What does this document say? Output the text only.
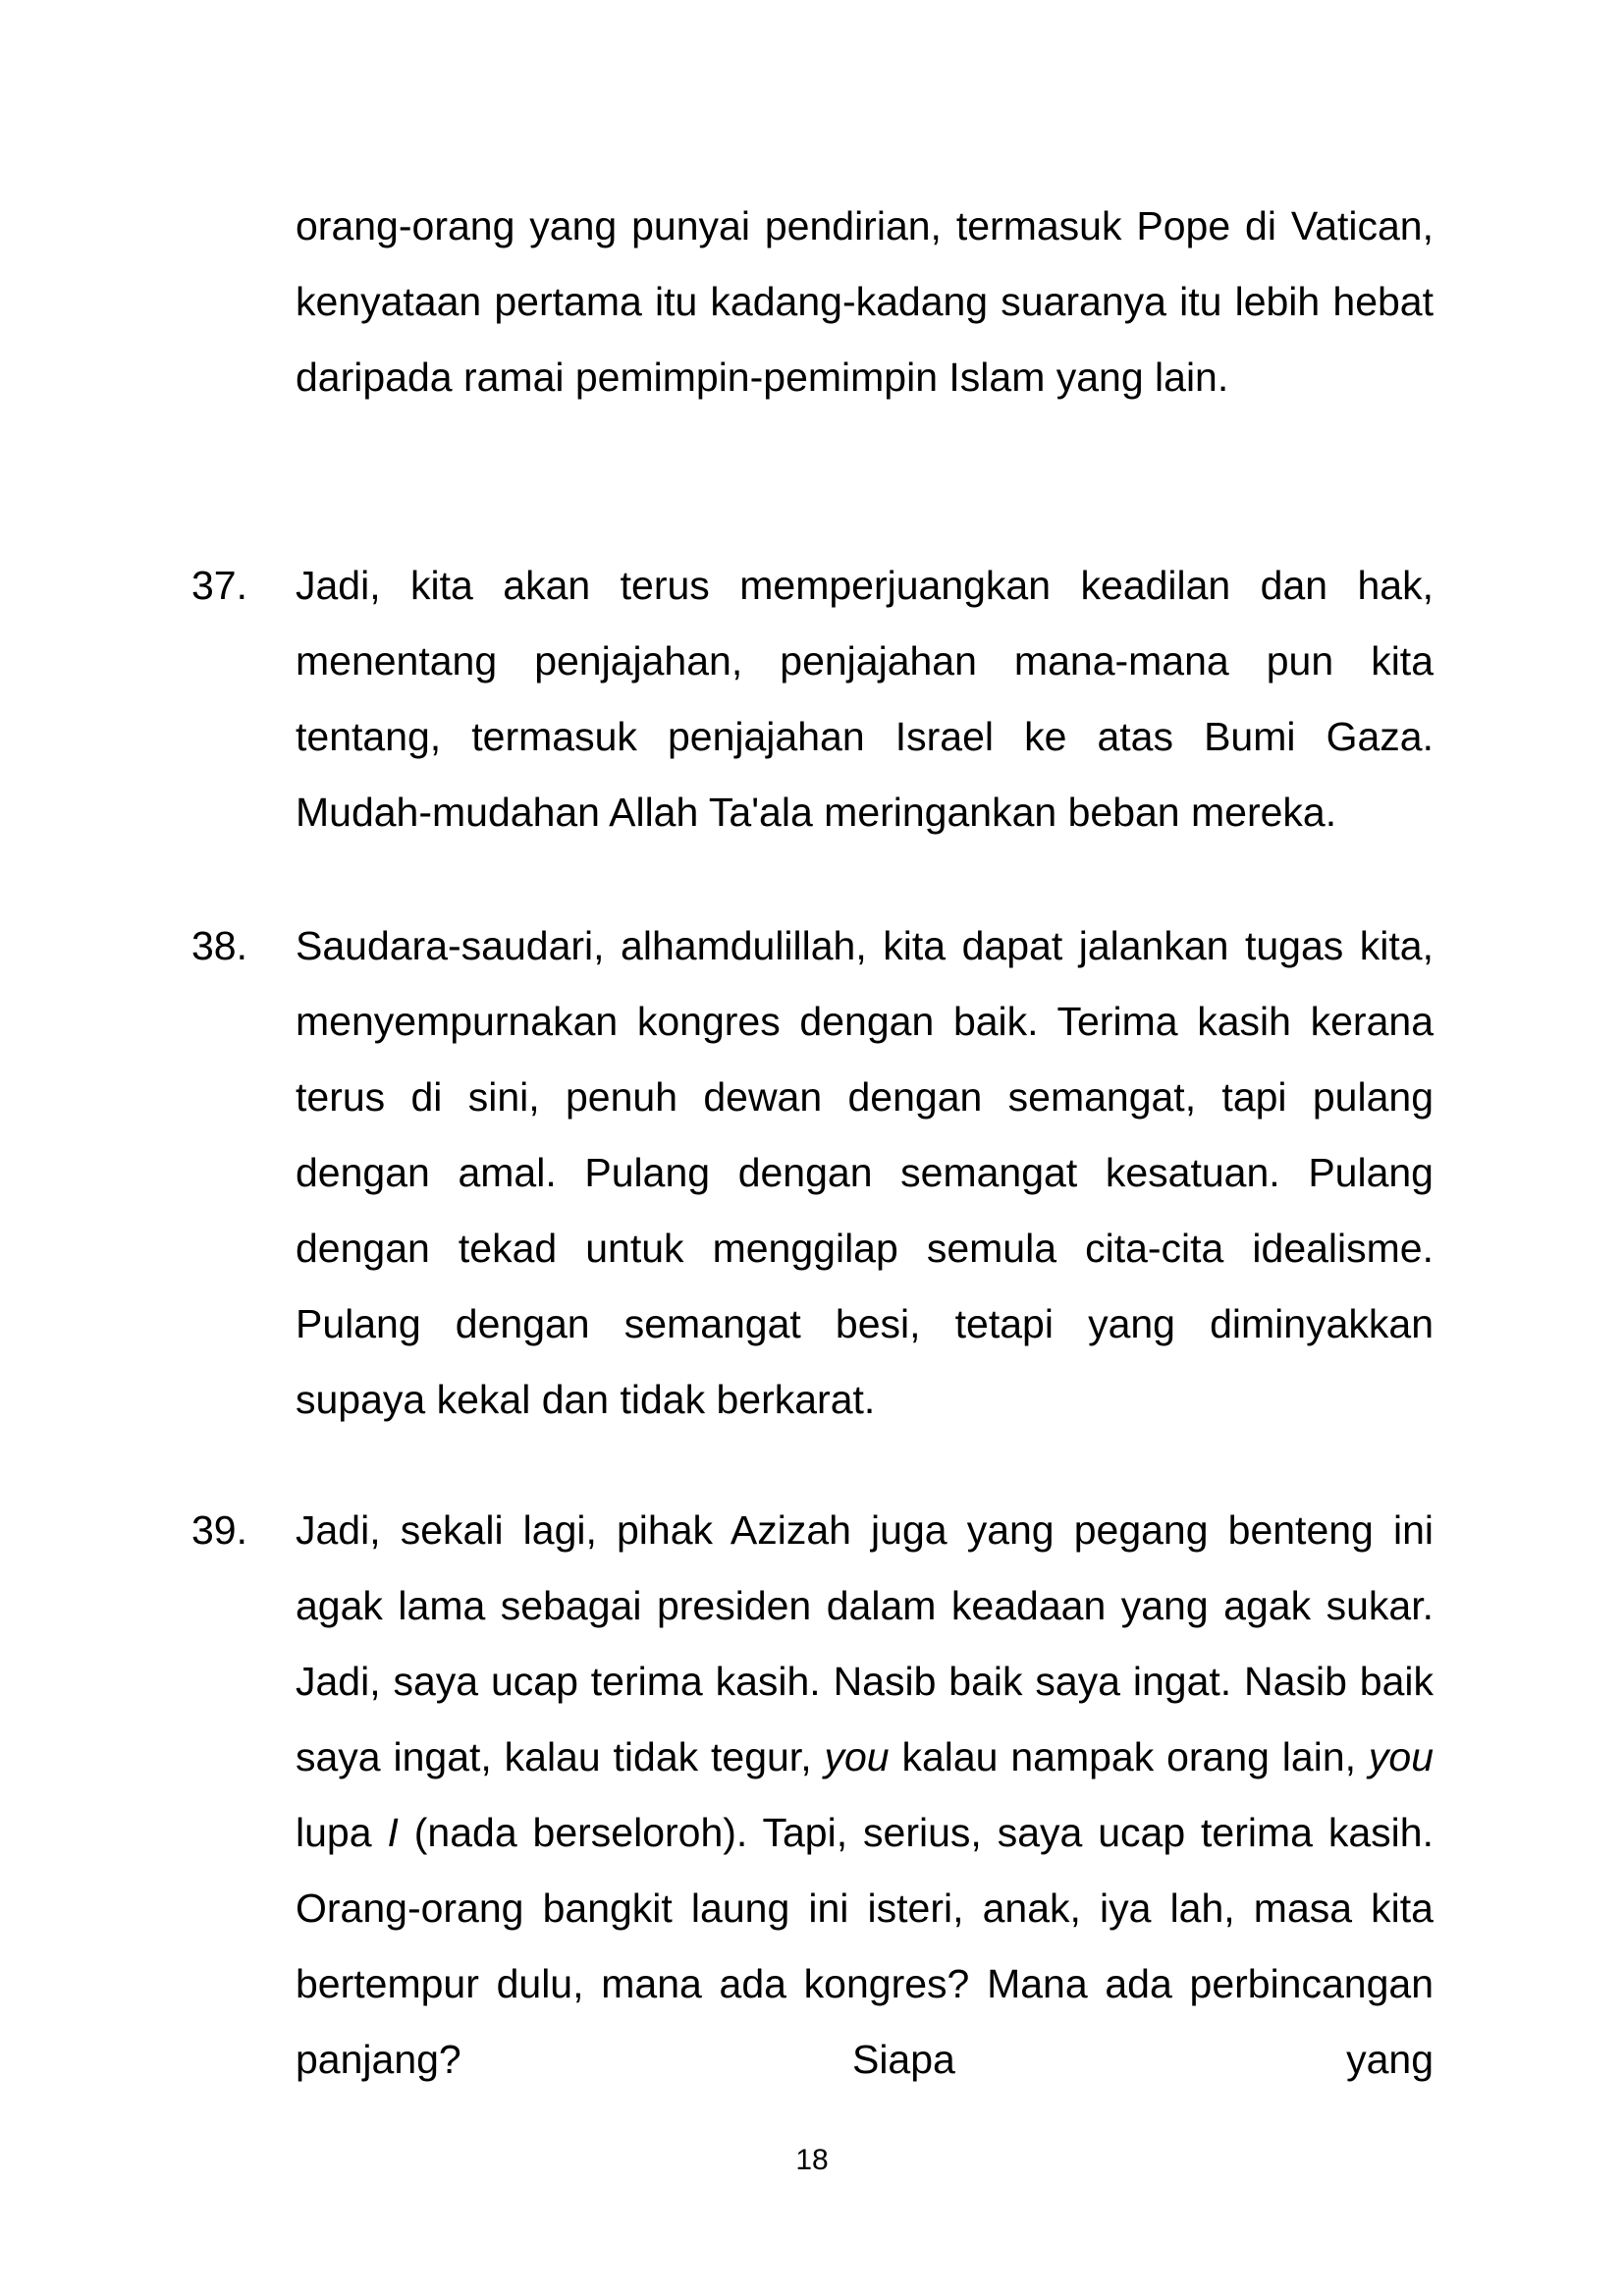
orang-orang yang punyai pendirian, termasuk Pope di Vatican, kenyataan pertama itu kadang-kadang suaranya itu lebih hebat daripada ramai pemimpin-pemimpin Islam yang lain.

37. Jadi, kita akan terus memperjuangkan keadilan dan hak, menentang penjajahan, penjajahan mana-mana pun kita tentang, termasuk penjajahan Israel ke atas Bumi Gaza. Mudah-mudahan Allah Ta'ala meringankan beban mereka.

38. Saudara-saudari, alhamdulillah, kita dapat jalankan tugas kita, menyempurnakan kongres dengan baik. Terima kasih kerana terus di sini, penuh dewan dengan semangat, tapi pulang dengan amal. Pulang dengan semangat kesatuan. Pulang dengan tekad untuk menggilap semula cita-cita idealisme. Pulang dengan semangat besi, tetapi yang diminyakkan supaya kekal dan tidak berkarat.

39. Jadi, sekali lagi, pihak Azizah juga yang pegang benteng ini agak lama sebagai presiden dalam keadaan yang agak sukar. Jadi, saya ucap terima kasih. Nasib baik saya ingat. Nasib baik saya ingat, kalau tidak tegur, you kalau nampak orang lain, you lupa I (nada berseloroh). Tapi, serius, saya ucap terima kasih. Orang-orang bangkit laung ini isteri, anak, iya lah, masa kita bertempur dulu, mana ada kongres? Mana ada perbincangan panjang? Siapa yang

18
